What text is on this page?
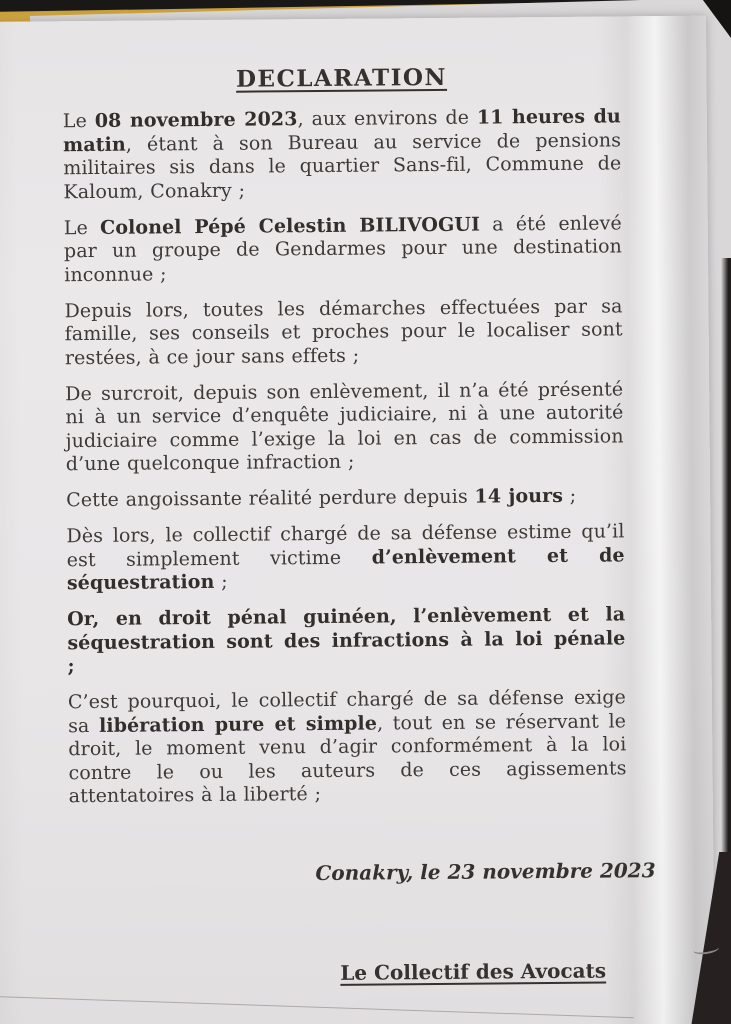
DECLARATION

Le 08 novembre 2023, aux environs de 11 heures du matin, étant à son Bureau au service de pensions militaires sis dans le quartier Sans-fil, Commune de Kaloum, Conakry ;

Le Colonel Pépé Celestin BILIVOGUI a été enlevé par un groupe de Gendarmes pour une destination inconnue ;

Depuis lors, toutes les démarches effectuées par sa famille, ses conseils et proches pour le localiser sont restées, à ce jour sans effets ;

De surcroit, depuis son enlèvement, il n’a été présenté ni à un service d’enquête judiciaire, ni à une autorité judiciaire comme l’exige la loi en cas de commission d’une quelconque infraction ;

Cette angoissante réalité perdure depuis 14 jours ;

Dès lors, le collectif chargé de sa défense estime qu’il est simplement victime d’enlèvement et de séquestration ;

Or, en droit pénal guinéen, l’enlèvement et la séquestration sont des infractions à la loi pénale ;

C’est pourquoi, le collectif chargé de sa défense exige sa libération pure et simple, tout en se réservant le droit, le moment venu d’agir conformément à la loi contre le ou les auteurs de ces agissements attentatoires à la liberté ;

Conakry, le 23 novembre 2023
Le Collectif des Avocats
